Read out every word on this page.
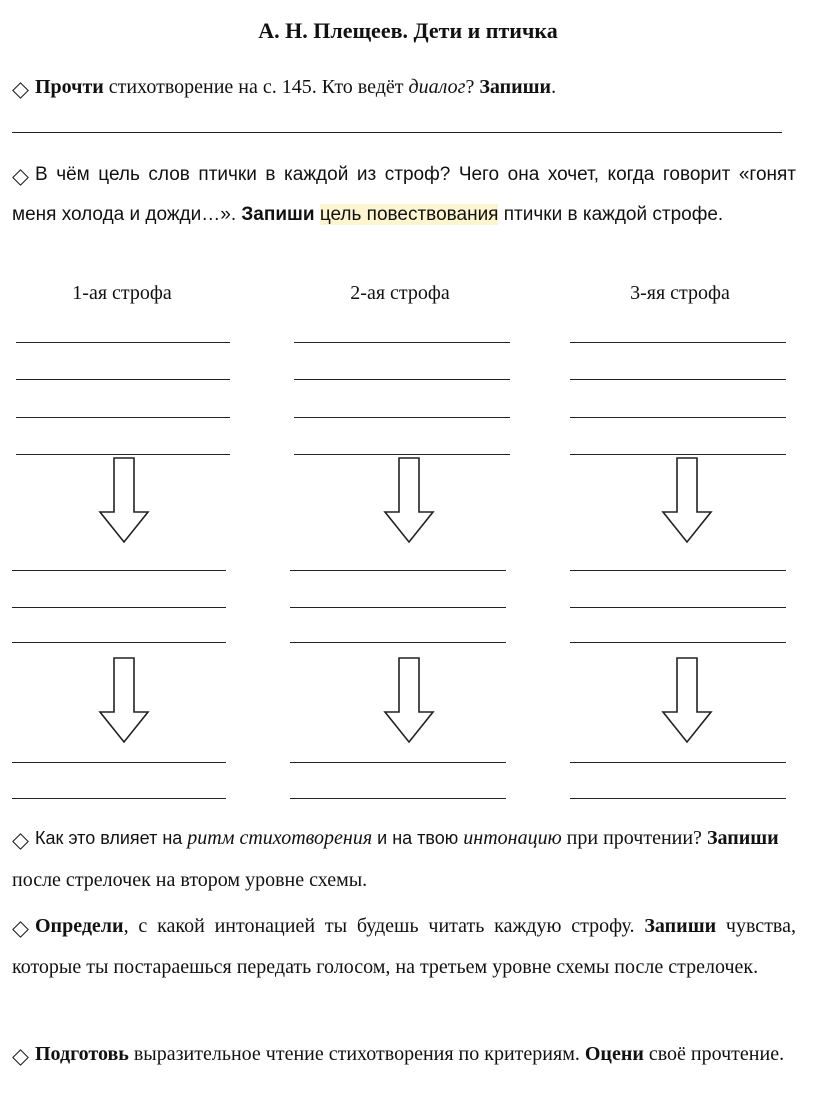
А. Н. Плещеев. Дети и птичка
Прочти стихотворение на с. 145. Кто ведёт диалог? Запиши.
В чём цель слов птички в каждой из строф? Чего она хочет, когда говорит «гонят меня холода и дожди…». Запиши цель повествования птички в каждой строфе.
1-ая строфа	2-ая строфа	3-яя строфа
Как это влияет на ритм стихотворения и на твою интонацию при прочтении? Запиши после стрелочек на втором уровне схемы.
Определи, с какой интонацией ты будешь читать каждую строфу. Запиши чувства, которые ты постараешься передать голосом, на третьем уровне схемы после стрелочек.
Подготовь выразительное чтение стихотворения по критериям. Оцени своё прочтение.
